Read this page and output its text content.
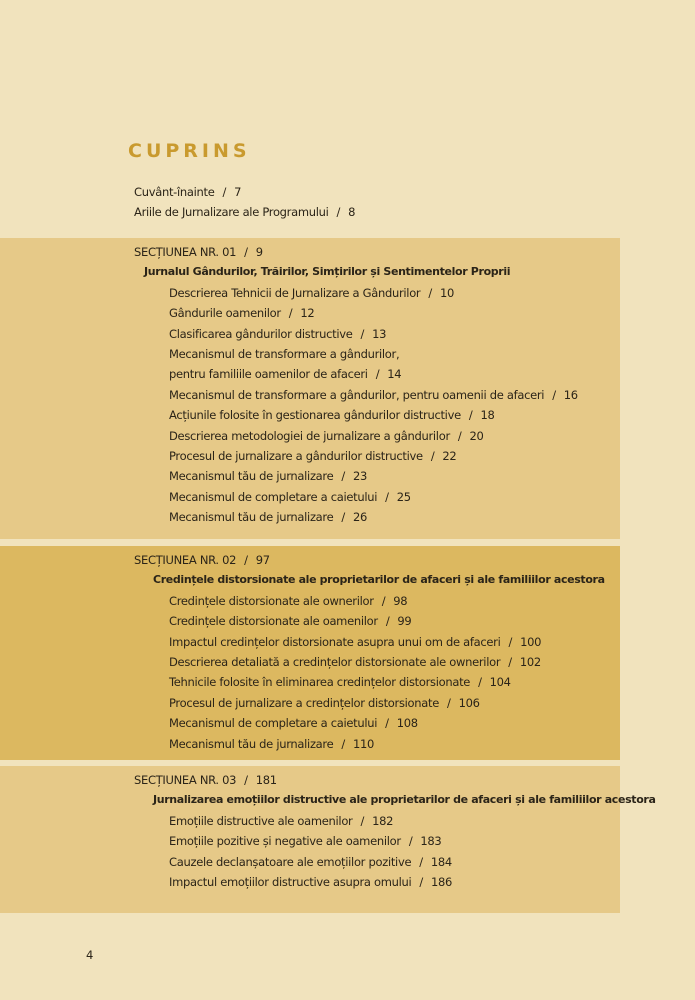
CUPRINS
Cuvânt-înainte / 7
Ariile de Jurnalizare ale Programului / 8
SECȚIUNEA NR. 01 / 9
Jurnalul Gândurilor, Trăirilor, Simțirilor și Sentimentelor Proprii
Descrierea Tehnicii de Jurnalizare a Gândurilor / 10
Gândurile oamenilor / 12
Clasificarea gândurilor distructive / 13
Mecanismul de transformare a gândurilor,
pentru familiile oamenilor de afaceri / 14
Mecanismul de transformare a gândurilor, pentru oamenii de afaceri / 16
Acțiunile folosite în gestionarea gândurilor distructive / 18
Descrierea metodologiei de jurnalizare a gândurilor / 20
Procesul de jurnalizare a gândurilor distructive / 22
Mecanismul tău de jurnalizare / 23
Mecanismul de completare a caietului / 25
Mecanismul tău de jurnalizare / 26
SECȚIUNEA NR. 02 / 97
Credințele distorsionate ale proprietarilor de afaceri și ale familiilor acestora
Credințele distorsionate ale ownerilor / 98
Credințele distorsionate ale oamenilor / 99
Impactul credințelor distorsionate asupra unui om de afaceri / 100
Descrierea detaliată a credințelor distorsionate ale ownerilor / 102
Tehnicile folosite în eliminarea credințelor distorsionate / 104
Procesul de jurnalizare a credințelor distorsionate / 106
Mecanismul de completare a caietului / 108
Mecanismul tău de jurnalizare / 110
SECȚIUNEA NR. 03 / 181
Jurnalizarea emoțiilor distructive ale proprietarilor de afaceri și ale familiilor acestora
Emoțiile distructive ale oamenilor / 182
Emoțiile pozitive și negative ale oamenilor / 183
Cauzele declanșatoare ale emoțiilor pozitive / 184
Impactul emoțiilor distructive asupra omului / 186
4
